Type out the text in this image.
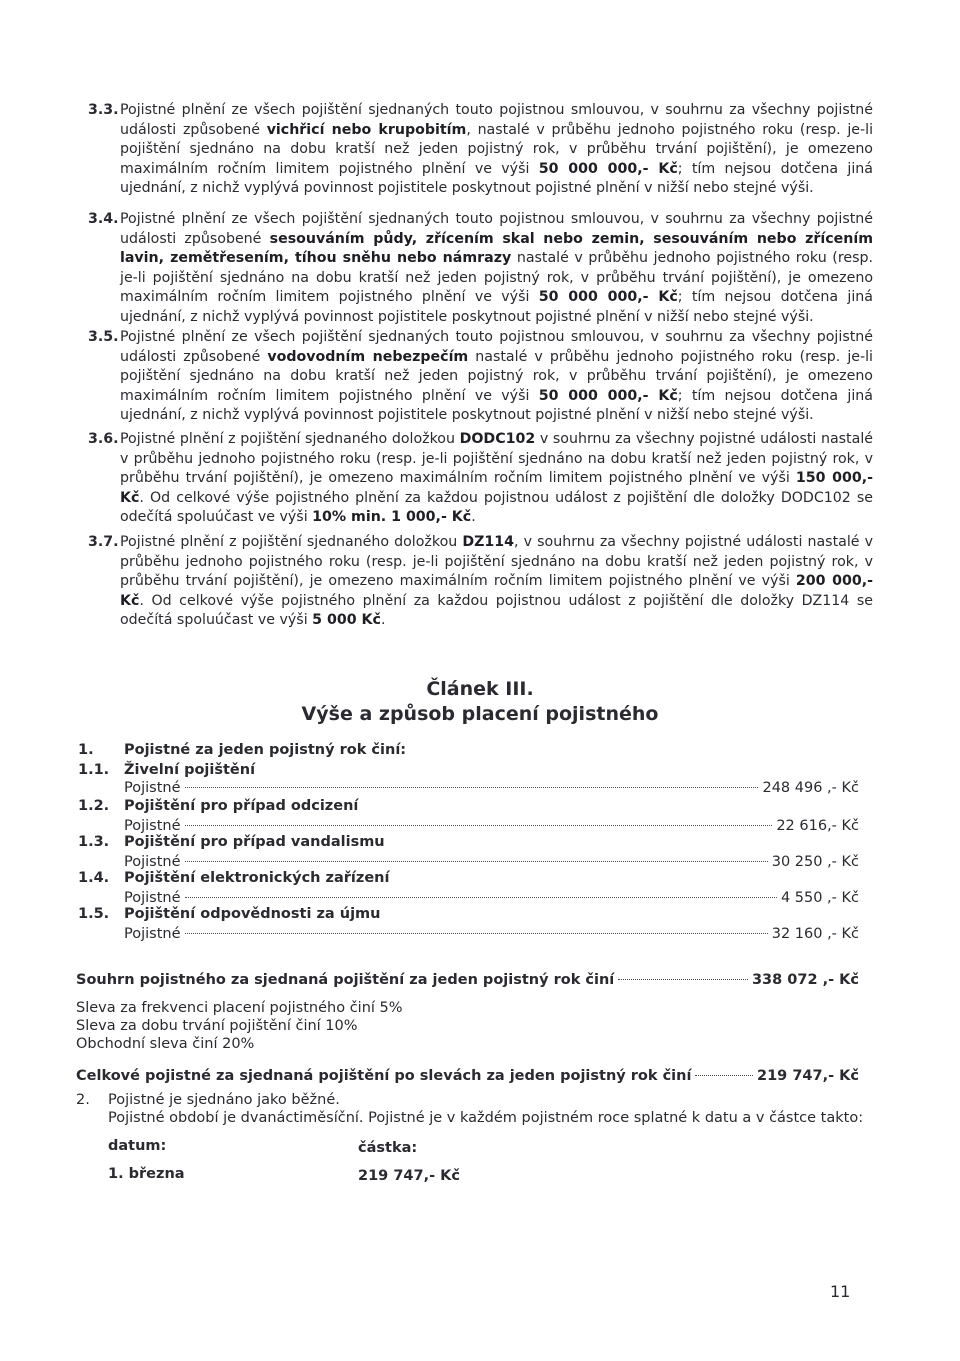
3.3. Pojistné plnění ze všech pojištění sjednaných touto pojistnou smlouvou, v souhrnu za všechny pojistné události způsobené vichřicí nebo krupobitím, nastalé v průběhu jednoho pojistného roku (resp. je-li pojištění sjednáno na dobu kratší než jeden pojistný rok, v průběhu trvání pojištění), je omezeno maximálním ročním limitem pojistného plnění ve výši 50 000 000,- Kč; tím nejsou dotčena jiná ujednání, z nichž vyplývá povinnost pojistitele poskytnout pojistné plnění v nižší nebo stejné výši.
3.4. Pojistné plnění ze všech pojištění sjednaných touto pojistnou smlouvou, v souhrnu za všechny pojistné události způsobené sesouváním půdy, zřícením skal nebo zemin, sesouváním nebo zřícením lavin, zemětřesením, tíhou sněhu nebo námrazy nastalé v průběhu jednoho pojistného roku (resp. je-li pojištění sjednáno na dobu kratší než jeden pojistný rok, v průběhu trvání pojištění), je omezeno maximálním ročním limitem pojistného plnění ve výši 50 000 000,- Kč; tím nejsou dotčena jiná ujednání, z nichž vyplývá povinnost pojistitele poskytnout pojistné plnění v nižší nebo stejné výši.
3.5. Pojistné plnění ze všech pojištění sjednaných touto pojistnou smlouvou, v souhrnu za všechny pojistné události způsobené vodovodním nebezpečím nastalé v průběhu jednoho pojistného roku (resp. je-li pojištění sjednáno na dobu kratší než jeden pojistný rok, v průběhu trvání pojištění), je omezeno maximálním ročním limitem pojistného plnění ve výši 50 000 000,- Kč; tím nejsou dotčena jiná ujednání, z nichž vyplývá povinnost pojistitele poskytnout pojistné plnění v nižší nebo stejné výši.
3.6. Pojistné plnění z pojištění sjednaného doložkou DODC102 v souhrnu za všechny pojistné události nastalé v průběhu jednoho pojistného roku (resp. je-li pojištění sjednáno na dobu kratší než jeden pojistný rok, v průběhu trvání pojištění), je omezeno maximálním ročním limitem pojistného plnění ve výši 150 000,- Kč. Od celkové výše pojistného plnění za každou pojistnou událost z pojištění dle doložky DODC102 se odečítá spoluúčast ve výši 10% min. 1 000,- Kč.
3.7. Pojistné plnění z pojištění sjednaného doložkou DZ114, v souhrnu za všechny pojistné události nastalé v průběhu jednoho pojistného roku (resp. je-li pojištění sjednáno na dobu kratší než jeden pojistný rok, v průběhu trvání pojištění), je omezeno maximálním ročním limitem pojistného plnění ve výši 200 000,- Kč. Od celkové výše pojistného plnění za každou pojistnou událost z pojištění dle doložky DZ114 se odečítá spoluúčast ve výši 5 000 Kč.
Článek III.
Výše a způsob placení pojistného
1. Pojistné za jeden pojistný rok činí:
1.1. Živelní pojištění
Pojistné	248 496 ,- Kč
1.2. Pojištění pro případ odcizení
Pojistné	22 616,- Kč
1.3. Pojištění pro případ vandalismu
Pojistné	30 250 ,- Kč
1.4. Pojištění elektronických zařízení
Pojistné	4 550 ,- Kč
1.5. Pojištění odpovědnosti za újmu
Pojistné	32 160 ,- Kč
Souhrn pojistného za sjednaná pojištění za jeden pojistný rok činí	338 072 ,- Kč
Sleva za frekvenci placení pojistného činí 5%
Sleva za dobu trvání pojištění činí 10%
Obchodní sleva činí 20%
Celkové pojistné za sjednaná pojištění po slevách za jeden pojistný rok činí	219 747,- Kč
2. Pojistné je sjednáno jako běžné.
Pojistné období je dvanáctiměsíční. Pojistné je v každém pojistném roce splatné k datu a v částce takto:
datum:	částka:
1. března	219 747,- Kč
11
